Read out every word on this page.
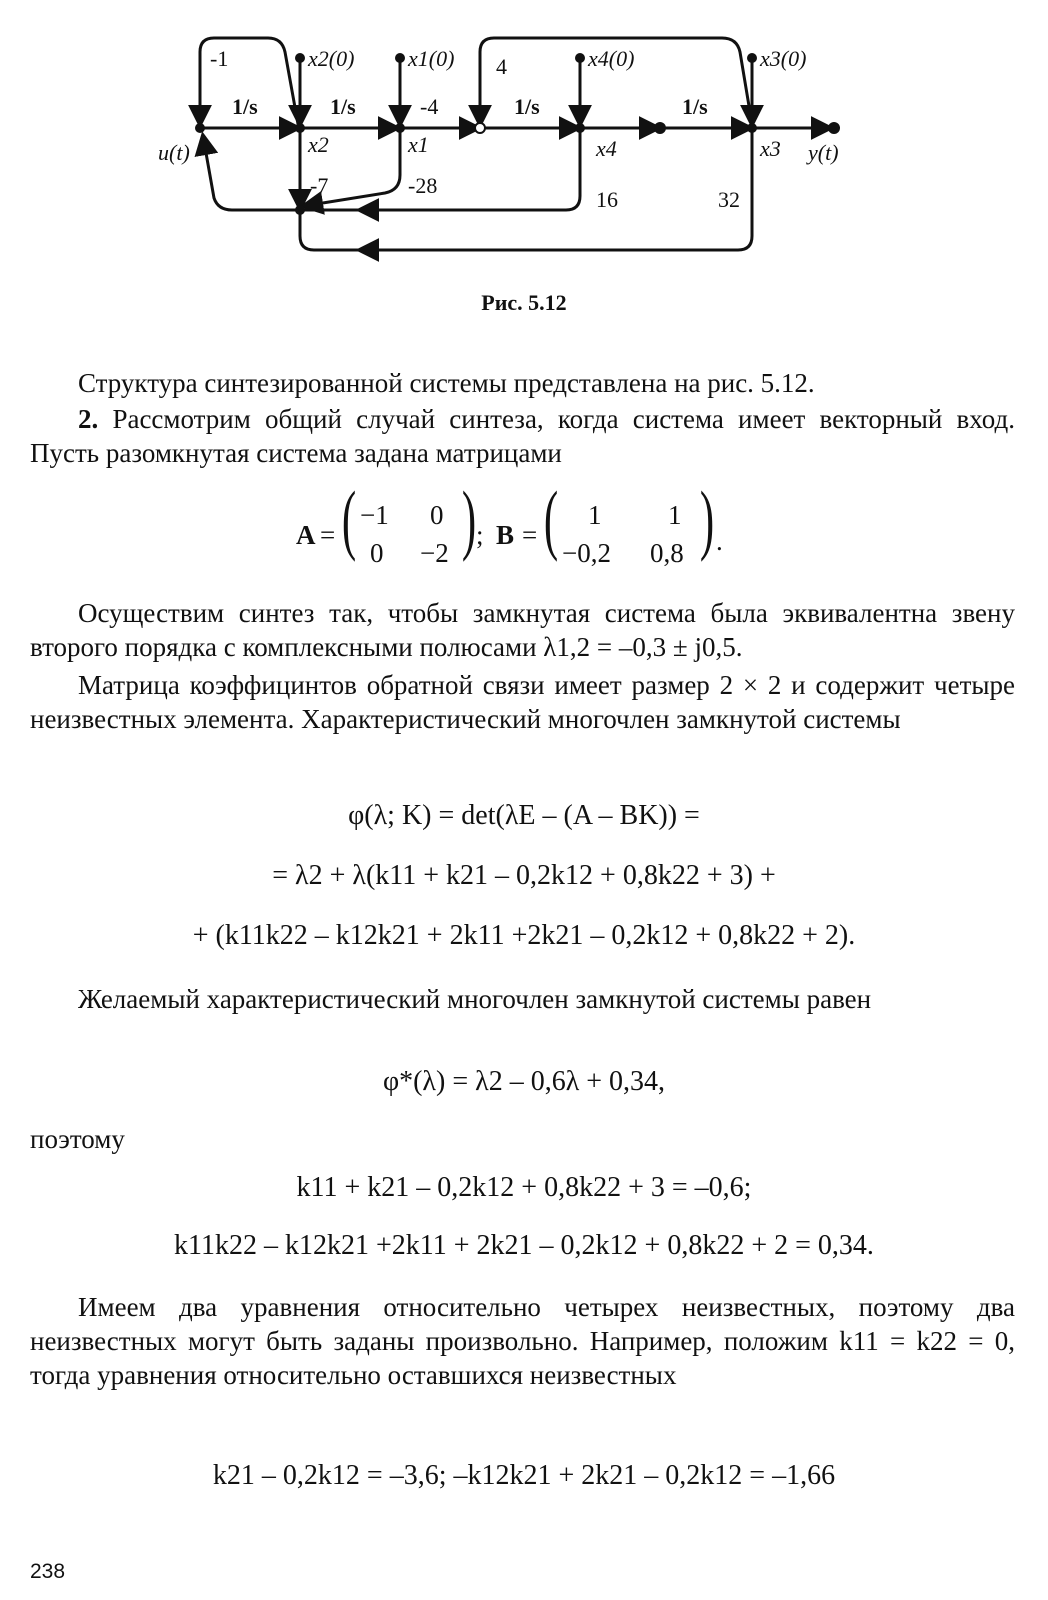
-1	4
-4
-7	-28
16	32
1/s	1/s	1/s	1/s
x2(0) x1(0)	x4(0)	x3(0)
u(t)	y(t)
x2	x1	x4	x3
Рис. 5.12
Структура синтезированной системы представлена на рис. 5.12.
2. Рассмотрим общий случай синтеза, когда система имеет векторный вход. Пусть разомкнутая система задана матрицами
A = ( −1 0
0 −2 ) ; B = ( 1 1
−0,2 0,8 ) .
Осуществим синтез так, чтобы замкнутая система была эквивалентна звену второго порядка с комплексными полюсами λ1,2 = –0,3 ± j0,5.
Матрица коэффицинтов обратной связи имеет размер 2 × 2 и содержит четыре неизвестных элемента. Характеристический многочлен замкнутой системы
φ(λ; K) = det(λE – (A – BK)) =
= λ2 + λ(k11 + k21 – 0,2k12 + 0,8k22 + 3) +
+ (k11k22 – k12k21 + 2k11 +2k21 – 0,2k12 + 0,8k22 + 2).
Желаемый характеристический многочлен замкнутой системы равен
φ*(λ) = λ2 – 0,6λ + 0,34,
поэтому
k11 + k21 – 0,2k12 + 0,8k22 + 3 = –0,6;
k11k22 – k12k21 +2k11 + 2k21 – 0,2k12 + 0,8k22 + 2 = 0,34.
Имеем два уравнения относительно четырех неизвестных, поэтому два неизвестных могут быть заданы произвольно. Например, положим k11 = k22 = 0, тогда уравнения относительно оставшихся неизвестных
k21 – 0,2k12 = –3,6; –k12k21 + 2k21 – 0,2k12 = –1,66
238
